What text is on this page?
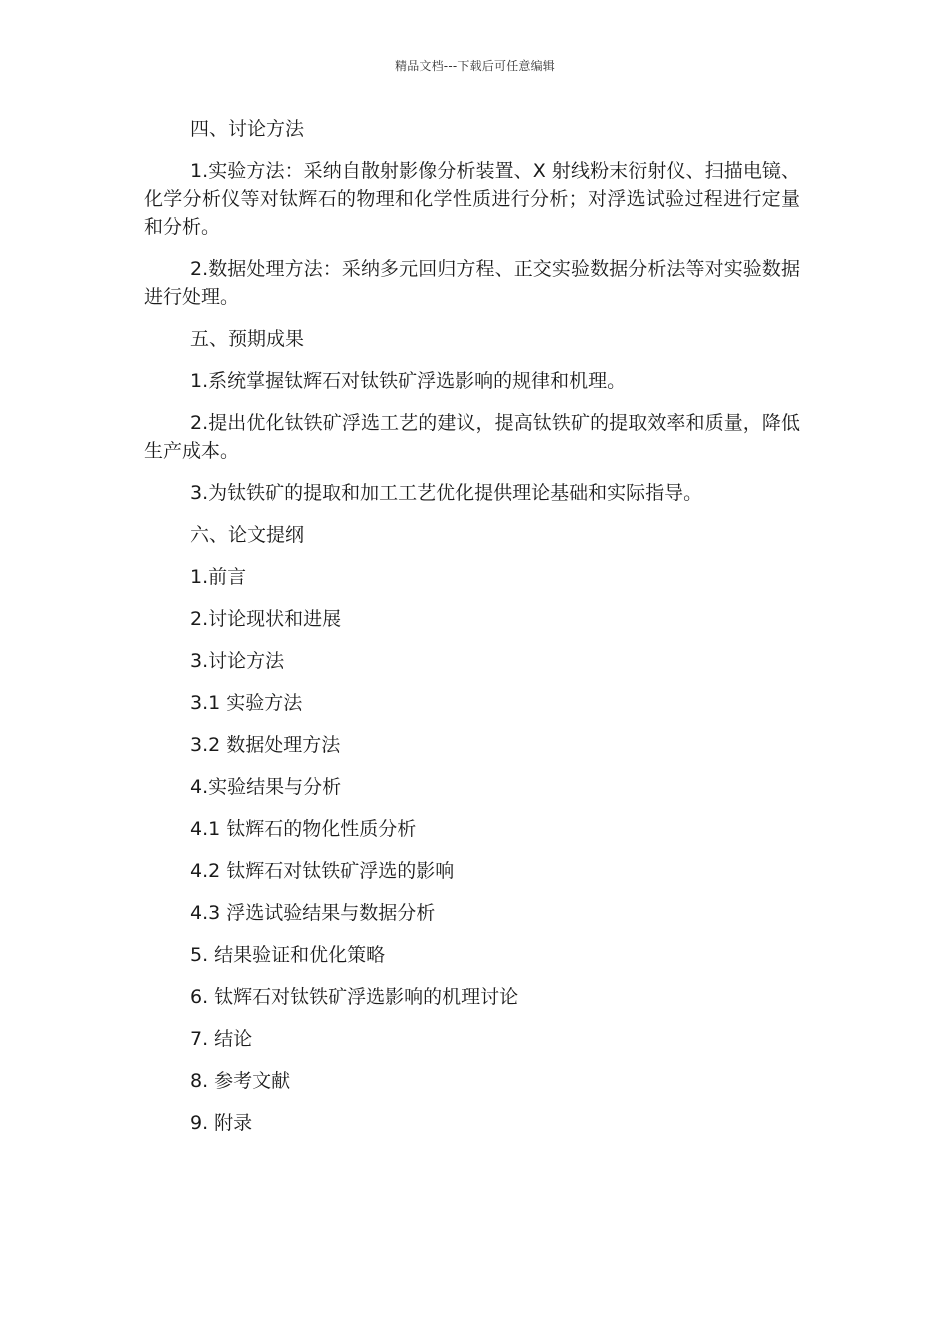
精品文档---下载后可任意编辑

四、讨论方法

1.实验方法：采纳自散射影像分析装置、X 射线粉末衍射仪、扫描电镜、化学分析仪等对钛辉石的物理和化学性质进行分析；对浮选试验过程进行定量和分析。

2.数据处理方法：采纳多元回归方程、正交实验数据分析法等对实验数据进行处理。

五、预期成果

1.系统掌握钛辉石对钛铁矿浮选影响的规律和机理。

2.提出优化钛铁矿浮选工艺的建议，提高钛铁矿的提取效率和质量，降低生产成本。

3.为钛铁矿的提取和加工工艺优化提供理论基础和实际指导。

六、论文提纲

1.前言

2.讨论现状和进展

3.讨论方法

3.1 实验方法

3.2 数据处理方法

4.实验结果与分析

4.1 钛辉石的物化性质分析

4.2 钛辉石对钛铁矿浮选的影响

4.3 浮选试验结果与数据分析

5. 结果验证和优化策略

6. 钛辉石对钛铁矿浮选影响的机理讨论

7. 结论

8. 参考文献

9. 附录
